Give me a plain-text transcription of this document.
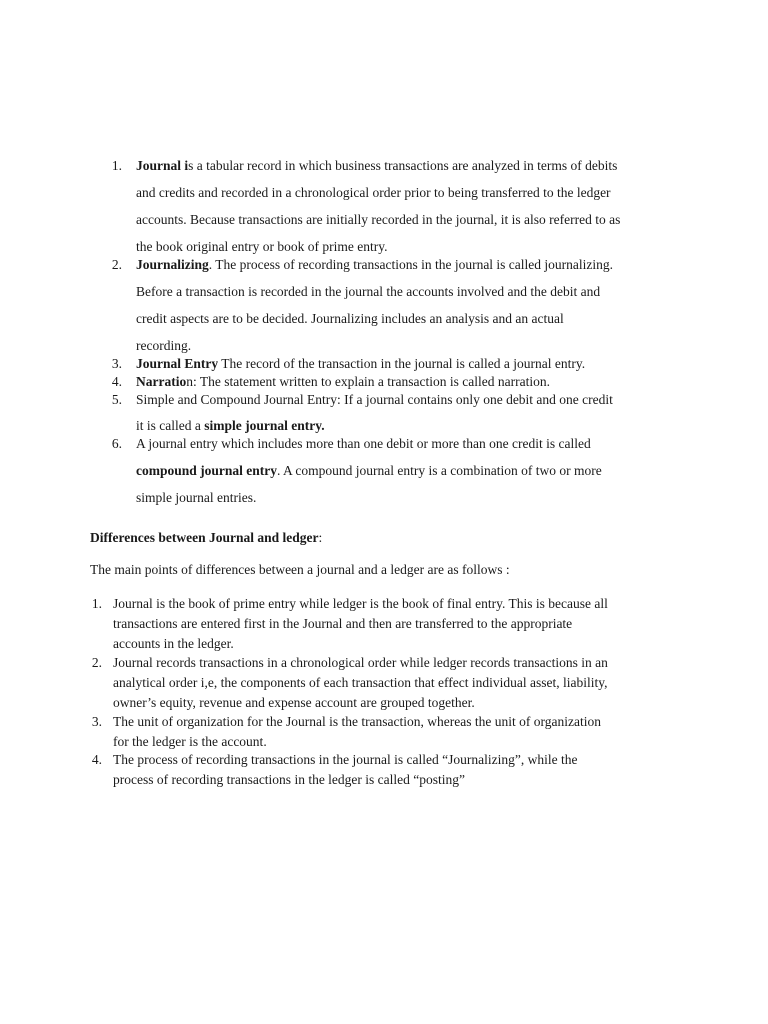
1. Journal is a tabular record in which business transactions are analyzed in terms of debits
and credits and recorded in a chronological order prior to being transferred to the ledger
accounts. Because transactions are initially recorded in the journal, it is also referred to as
the book original entry or book of prime entry.
2. Journalizing. The process of recording transactions in the journal is called journalizing.
Before a transaction is recorded in the journal the accounts involved and the debit and
credit aspects are to be decided. Journalizing includes an analysis and an actual
recording.
3. Journal Entry The record of the transaction in the journal is called a journal entry.
4. Narration: The statement written to explain a transaction is called narration.
5. Simple and Compound Journal Entry: If a journal contains only one debit and one credit
it is called a simple journal entry.
6. A journal entry which includes more than one debit or more than one credit is called
compound journal entry. A compound journal entry is a combination of two or more
simple journal entries.
Differences between Journal and ledger:
The main points of differences between a journal and a ledger are as follows :
1. Journal is the book of prime entry while ledger is the book of final entry. This is because all
transactions are entered first in the Journal and then are transferred to the appropriate
accounts in the ledger.
2. Journal records transactions in a chronological order while ledger records transactions in an
analytical order i,e, the components of each transaction that effect individual asset, liability,
owner’s equity, revenue and expense account are grouped together.
3. The unit of organization for the Journal is the transaction, whereas the unit of organization
for the ledger is the account.
4. The process of recording transactions in the journal is called “Journalizing”, while the
process of recording transactions in the ledger is called “posting”
